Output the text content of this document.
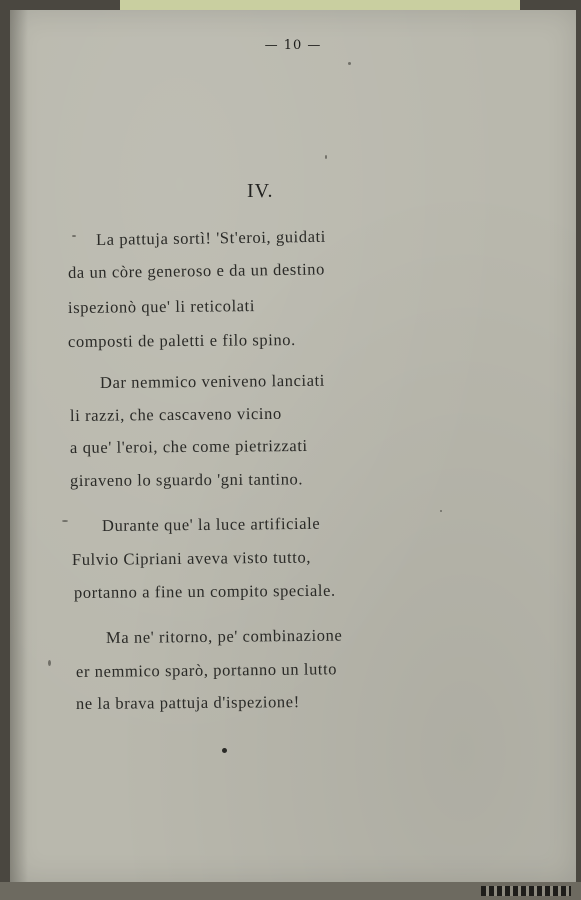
— 10 —
IV.
La pattuja sortì! 'St'eroi, guidati
da un còre generoso e da un destino
ispezionò que' li reticolati
composti de paletti e filo spino.
Dar nemmico veniveno lanciati
li razzi, che cascaveno vicino
a que' l'eroi, che come pietrizzati
giraveno lo sguardo 'gni tantino.
Durante que' la luce artificiale
Fulvio Cipriani aveva visto tutto,
portanno a fine un compito speciale.
Ma ne' ritorno, pe' combinazione
er nemmico sparò, portanno un lutto
ne la brava pattuja d'ispezione!
